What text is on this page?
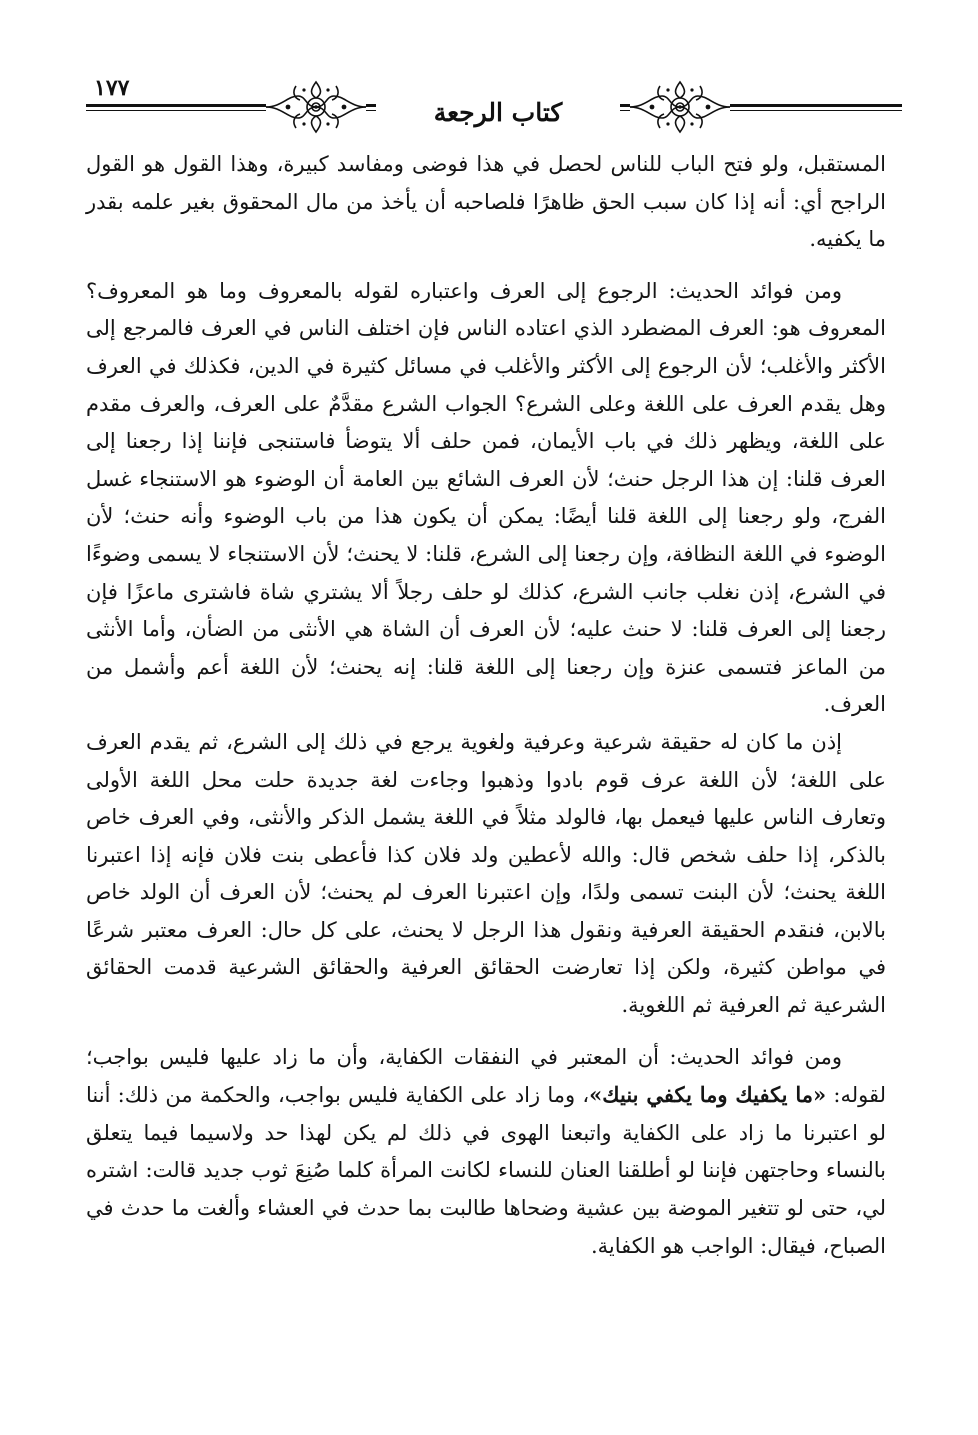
١٧٧
كتاب الرجعة

المستقبل، ولو فتح الباب للناس لحصل في هذا فوضى ومفاسد كبيرة، وهذا القول هو القول الراجح أي: أنه إذا كان سبب الحق ظاهرًا فلصاحبه أن يأخذ من مال المحقوق بغير علمه بقدر ما يكفيه.

ومن فوائد الحديث: الرجوع إلى العرف واعتباره لقوله بالمعروف وما هو المعروف؟ المعروف هو: العرف المضطرد الذي اعتاده الناس فإن اختلف الناس في العرف فالمرجع إلى الأكثر والأغلب؛ لأن الرجوع إلى الأكثر والأغلب في مسائل كثيرة في الدين، فكذلك في العرف وهل يقدم العرف على اللغة وعلى الشرع؟ الجواب الشرع مقدَّمٌ على العرف، والعرف مقدم على اللغة، ويظهر ذلك في باب الأيمان، فمن حلف ألا يتوضأ فاستنجى فإننا إذا رجعنا إلى العرف قلنا: إن هذا الرجل حنث؛ لأن العرف الشائع بين العامة أن الوضوء هو الاستنجاء غسل الفرج، ولو رجعنا إلى اللغة قلنا أيضًا: يمكن أن يكون هذا من باب الوضوء وأنه حنث؛ لأن الوضوء في اللغة النظافة، وإن رجعنا إلى الشرع، قلنا: لا يحنث؛ لأن الاستنجاء لا يسمى وضوءًا في الشرع، إذن نغلب جانب الشرع، كذلك لو حلف رجلاً ألا يشتري شاة فاشترى ماعزًا فإن رجعنا إلى العرف قلنا: لا حنث عليه؛ لأن العرف أن الشاة هي الأنثى من الضأن، وأما الأنثى من الماعز فتسمى عنزة وإن رجعنا إلى اللغة قلنا: إنه يحنث؛ لأن اللغة أعم وأشمل من العرف.

إذن ما كان له حقيقة شرعية وعرفية ولغوية يرجع في ذلك إلى الشرع، ثم يقدم العرف على اللغة؛ لأن اللغة عرف قوم بادوا وذهبوا وجاءت لغة جديدة حلت محل اللغة الأولى وتعارف الناس عليها فيعمل بها، فالولد مثلاً في اللغة يشمل الذكر والأنثى، وفي العرف خاص بالذكر، إذا حلف شخص قال: والله لأعطين ولد فلان كذا فأعطى بنت فلان فإنه إذا اعتبرنا اللغة يحنث؛ لأن البنت تسمى ولدًا، وإن اعتبرنا العرف لم يحنث؛ لأن العرف أن الولد خاص بالابن، فنقدم الحقيقة العرفية ونقول هذا الرجل لا يحنث، على كل حال: العرف معتبر شرعًا في مواطن كثيرة، ولكن إذا تعارضت الحقائق العرفية والحقائق الشرعية قدمت الحقائق الشرعية ثم العرفية ثم اللغوية.

ومن فوائد الحديث: أن المعتبر في النفقات الكفاية، وأن ما زاد عليها فليس بواجب؛ لقوله: «ما يكفيك وما يكفي بنيك»، وما زاد على الكفاية فليس بواجب، والحكمة من ذلك: أننا لو اعتبرنا ما زاد على الكفاية واتبعنا الهوى في ذلك لم يكن لهذا حد ولاسيما فيما يتعلق بالنساء وحاجتهن فإننا لو أطلقنا العنان للنساء لكانت المرأة كلما صُنِعَ ثوب جديد قالت: اشتره لي، حتى لو تتغير الموضة بين عشية وضحاها طالبت بما حدث في العشاء وألغت ما حدث في الصباح، فيقال: الواجب هو الكفاية.
